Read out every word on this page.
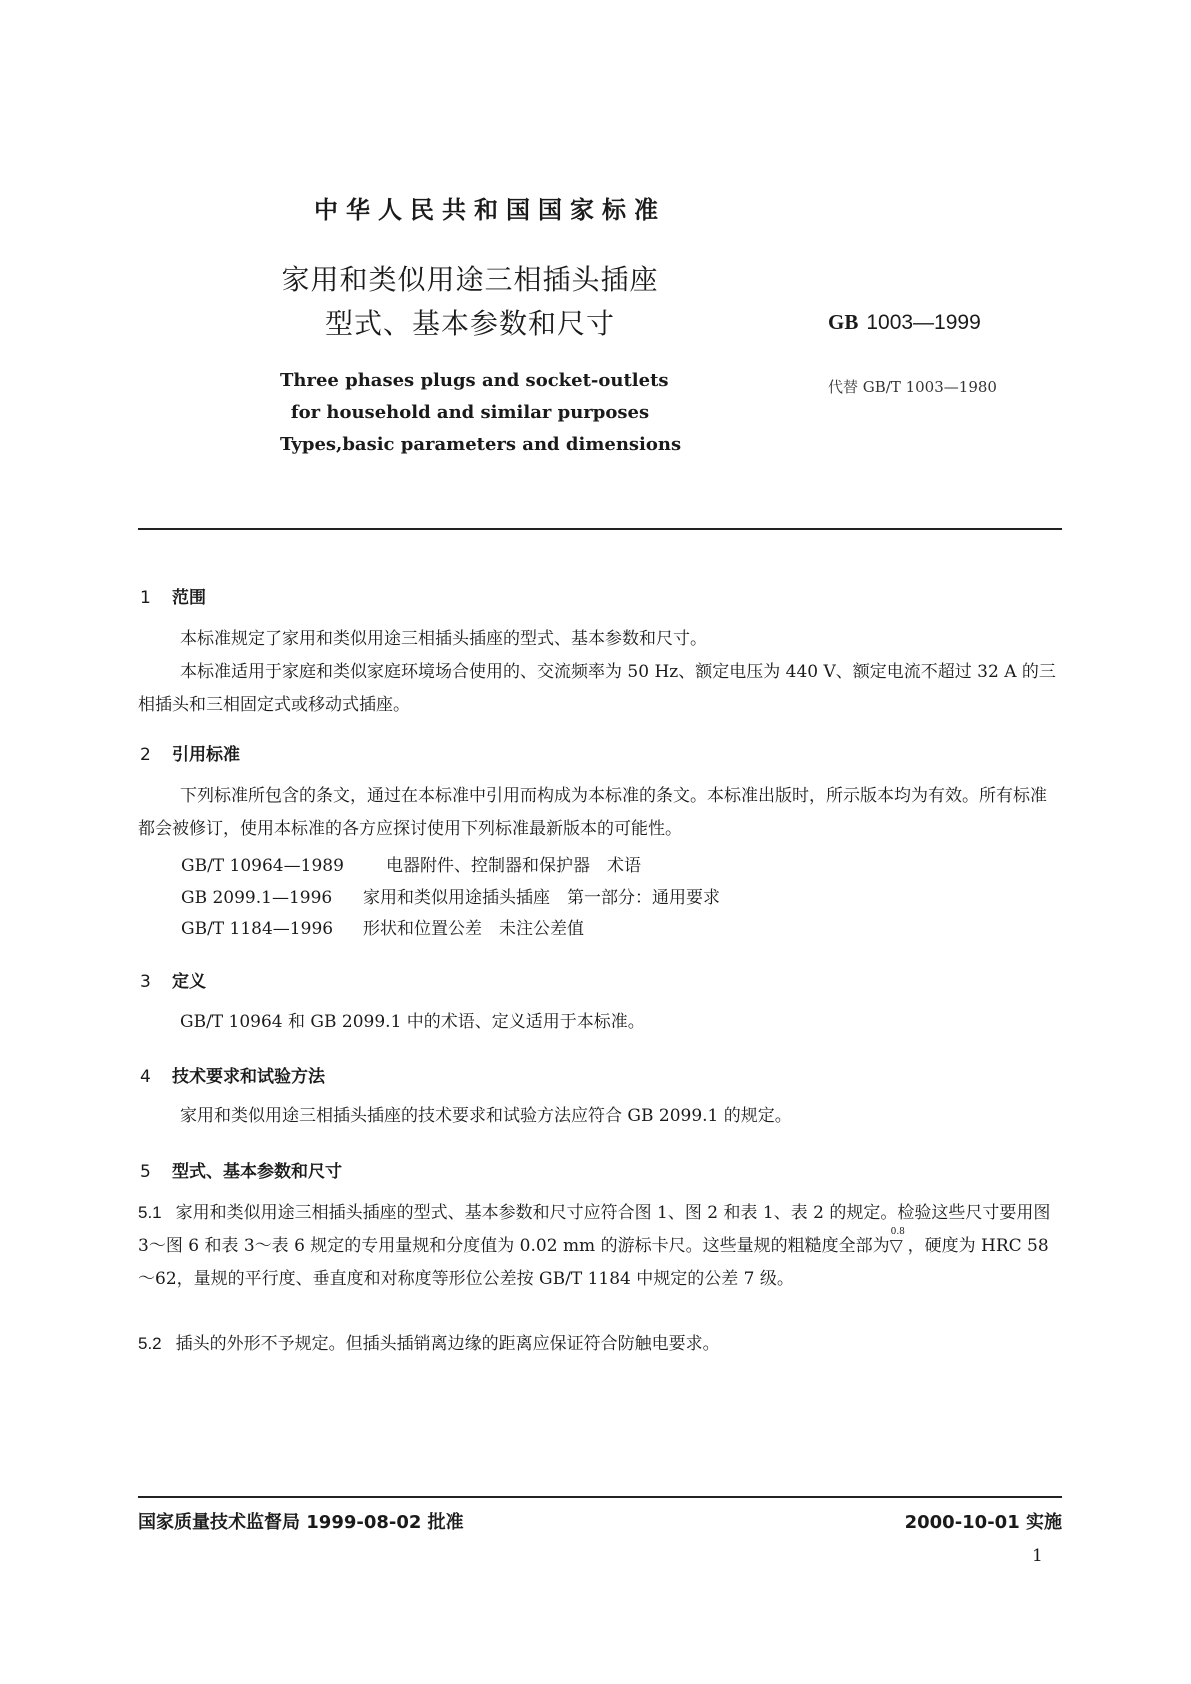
中华人民共和国国家标准
家用和类似用途三相插头插座
型式、基本参数和尺寸	GB 1003—1999
代替 GB/T 1003—1980
Three phases plugs and socket-outlets
for household and similar purposes
Types,basic parameters and dimensions
1 范围
本标准规定了家用和类似用途三相插头插座的型式、基本参数和尺寸。
本标准适用于家庭和类似家庭环境场合使用的、交流频率为 50 Hz、额定电压为 440 V、额定电流不超过 32 A 的三相插头和三相固定式或移动式插座。
2 引用标准
下列标准所包含的条文，通过在本标准中引用而构成为本标准的条文。本标准出版时，所示版本均为有效。所有标准都会被修订，使用本标准的各方应探讨使用下列标准最新版本的可能性。
GB/T 10964—1989 电器附件、控制器和保护器　术语
GB 2099.1—1996 家用和类似用途插头插座　第一部分：通用要求
GB/T 1184—1996 形状和位置公差　未注公差值
3 定义
GB/T 10964 和 GB 2099.1 中的术语、定义适用于本标准。
4 技术要求和试验方法
家用和类似用途三相插头插座的技术要求和试验方法应符合 GB 2099.1 的规定。
5 型式、基本参数和尺寸
5.1 家用和类似用途三相插头插座的型式、基本参数和尺寸应符合图 1、图 2 和表 1、表 2 的规定。检验这些尺寸要用图 3～图 6 和表 3～表 6 规定的专用量规和分度值为 0.02 mm 的游标卡尺。这些量规的粗糙度全部为
0.8
▽ ，硬度为 HRC 58～62，量规的平行度、垂直度和对称度等形位公差按 GB/T 1184 中规定的公差 7 级。
5.2 插头的外形不予规定。但插头插销离边缘的距离应保证符合防触电要求。
国家质量技术监督局 1999-08-02 批准	2000-10-01 实施
1
